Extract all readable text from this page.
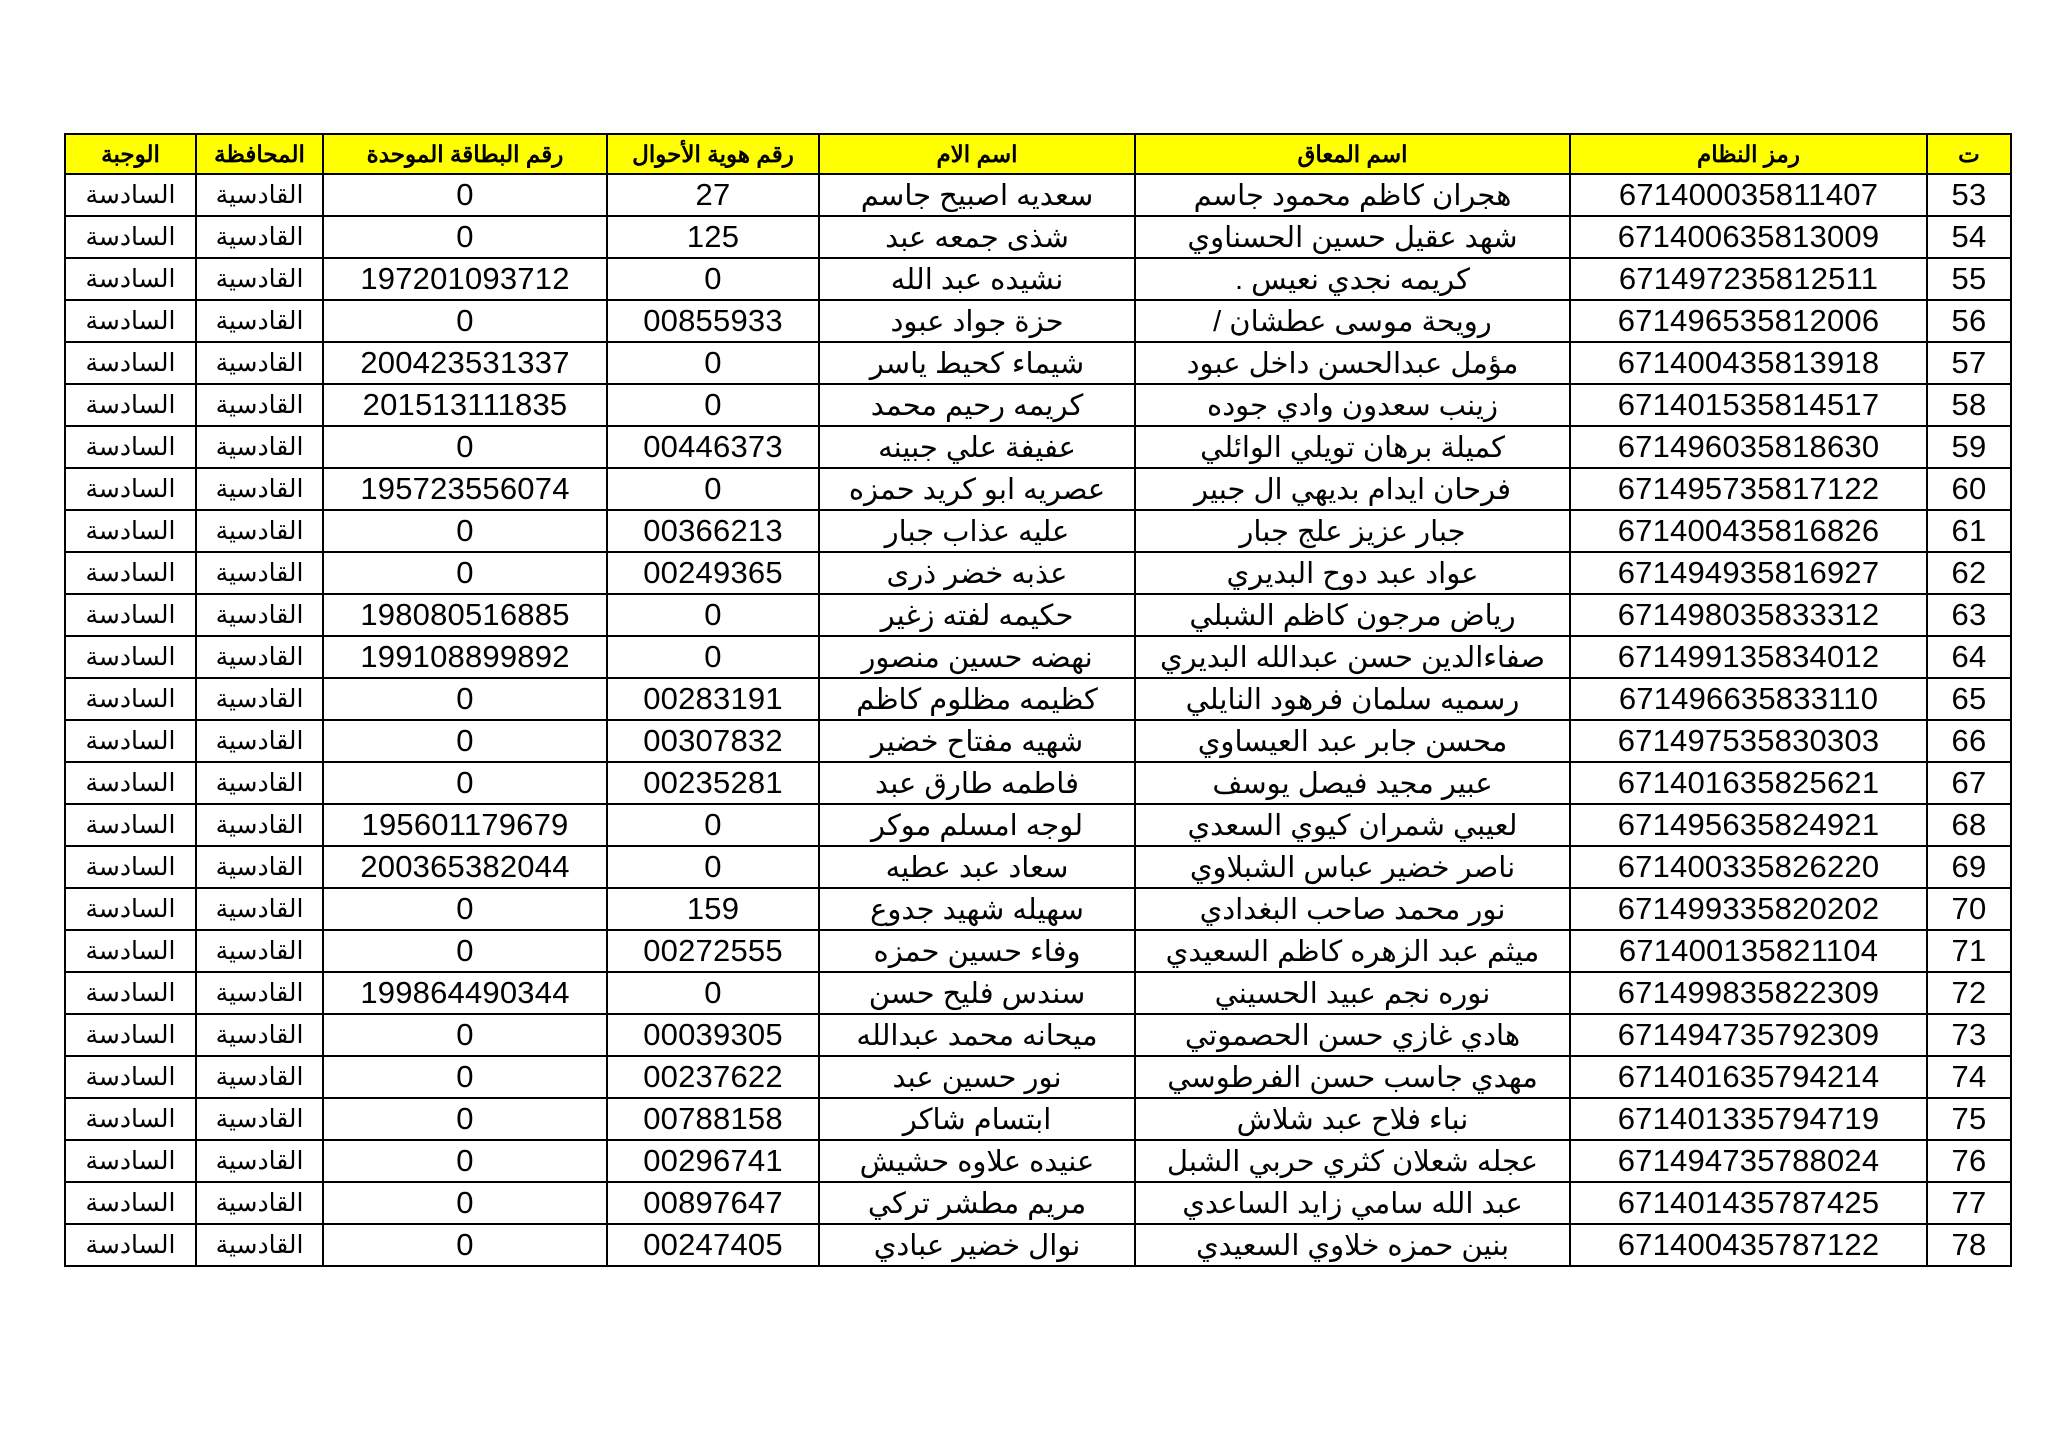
ت	رمز النظام	اسم المعاق	اسم الام	رقم هوية الأحوال	رقم البطاقة الموحدة	المحافظة	الوجبة
53	671400035811407	هجران كاظم محمود جاسم	سعديه اصبيح جاسم	27	0	القادسية	السادسة
54	671400635813009	شهد عقيل حسين الحسناوي	شذى جمعه عبد	125	0	القادسية	السادسة
55	671497235812511	كريمه نجدي نعيس .	نشيده عبد الله	0	197201093712	القادسية	السادسة
56	671496535812006	رويحة موسى عطشان /	حزة جواد عبود	00855933	0	القادسية	السادسة
57	671400435813918	مؤمل عبدالحسن داخل عبود	شيماء كحيط ياسر	0	200423531337	القادسية	السادسة
58	671401535814517	زينب سعدون وادي جوده	كريمه رحيم محمد	0	201513111835	القادسية	السادسة
59	671496035818630	كميلة برهان تويلي الوائلي	عفيفة علي جبينه	00446373	0	القادسية	السادسة
60	671495735817122	فرحان ايدام بديهي ال جبير	عصريه ابو كريد حمزه	0	195723556074	القادسية	السادسة
61	671400435816826	جبار عزيز علج جبار	عليه عذاب جبار	00366213	0	القادسية	السادسة
62	671494935816927	عواد عبد دوح البديري	عذبه خضر ذرى	00249365	0	القادسية	السادسة
63	671498035833312	رياض مرجون كاظم الشبلي	حكيمه لفته زغير	0	198080516885	القادسية	السادسة
64	671499135834012	صفاءالدين حسن عبدالله البديري	نهضه حسين منصور	0	199108899892	القادسية	السادسة
65	671496635833110	رسميه سلمان فرهود النايلي	كظيمه مظلوم كاظم	00283191	0	القادسية	السادسة
66	671497535830303	محسن جابر عبد العيساوي	شهيه مفتاح خضير	00307832	0	القادسية	السادسة
67	671401635825621	عبير مجيد فيصل يوسف	فاطمه طارق عبد	00235281	0	القادسية	السادسة
68	671495635824921	لعيبي شمران كيوي السعدي	لوجه امسلم موكر	0	195601179679	القادسية	السادسة
69	671400335826220	ناصر خضير عباس الشبلاوي	سعاد عبد عطيه	0	200365382044	القادسية	السادسة
70	671499335820202	نور محمد صاحب البغدادي	سهيله شهيد جدوع	159	0	القادسية	السادسة
71	671400135821104	ميثم عبد الزهره كاظم السعيدي	وفاء حسين حمزه	00272555	0	القادسية	السادسة
72	671499835822309	نوره نجم عبيد الحسيني	سندس فليح حسن	0	199864490344	القادسية	السادسة
73	671494735792309	هادي غازي حسن الحصموتي	ميحانه محمد عبدالله	00039305	0	القادسية	السادسة
74	671401635794214	مهدي جاسب حسن الفرطوسي	نور حسين عبد	00237622	0	القادسية	السادسة
75	671401335794719	نباء فلاح عبد شلاش	ابتسام شاكر	00788158	0	القادسية	السادسة
76	671494735788024	عجله شعلان كثري حربي الشبل	عنيده علاوه حشيش	00296741	0	القادسية	السادسة
77	671401435787425	عبد الله سامي زايد الساعدي	مريم مطشر تركي	00897647	0	القادسية	السادسة
78	671400435787122	بنين حمزه خلاوي السعيدي	نوال خضير عبادي	00247405	0	القادسية	السادسة
